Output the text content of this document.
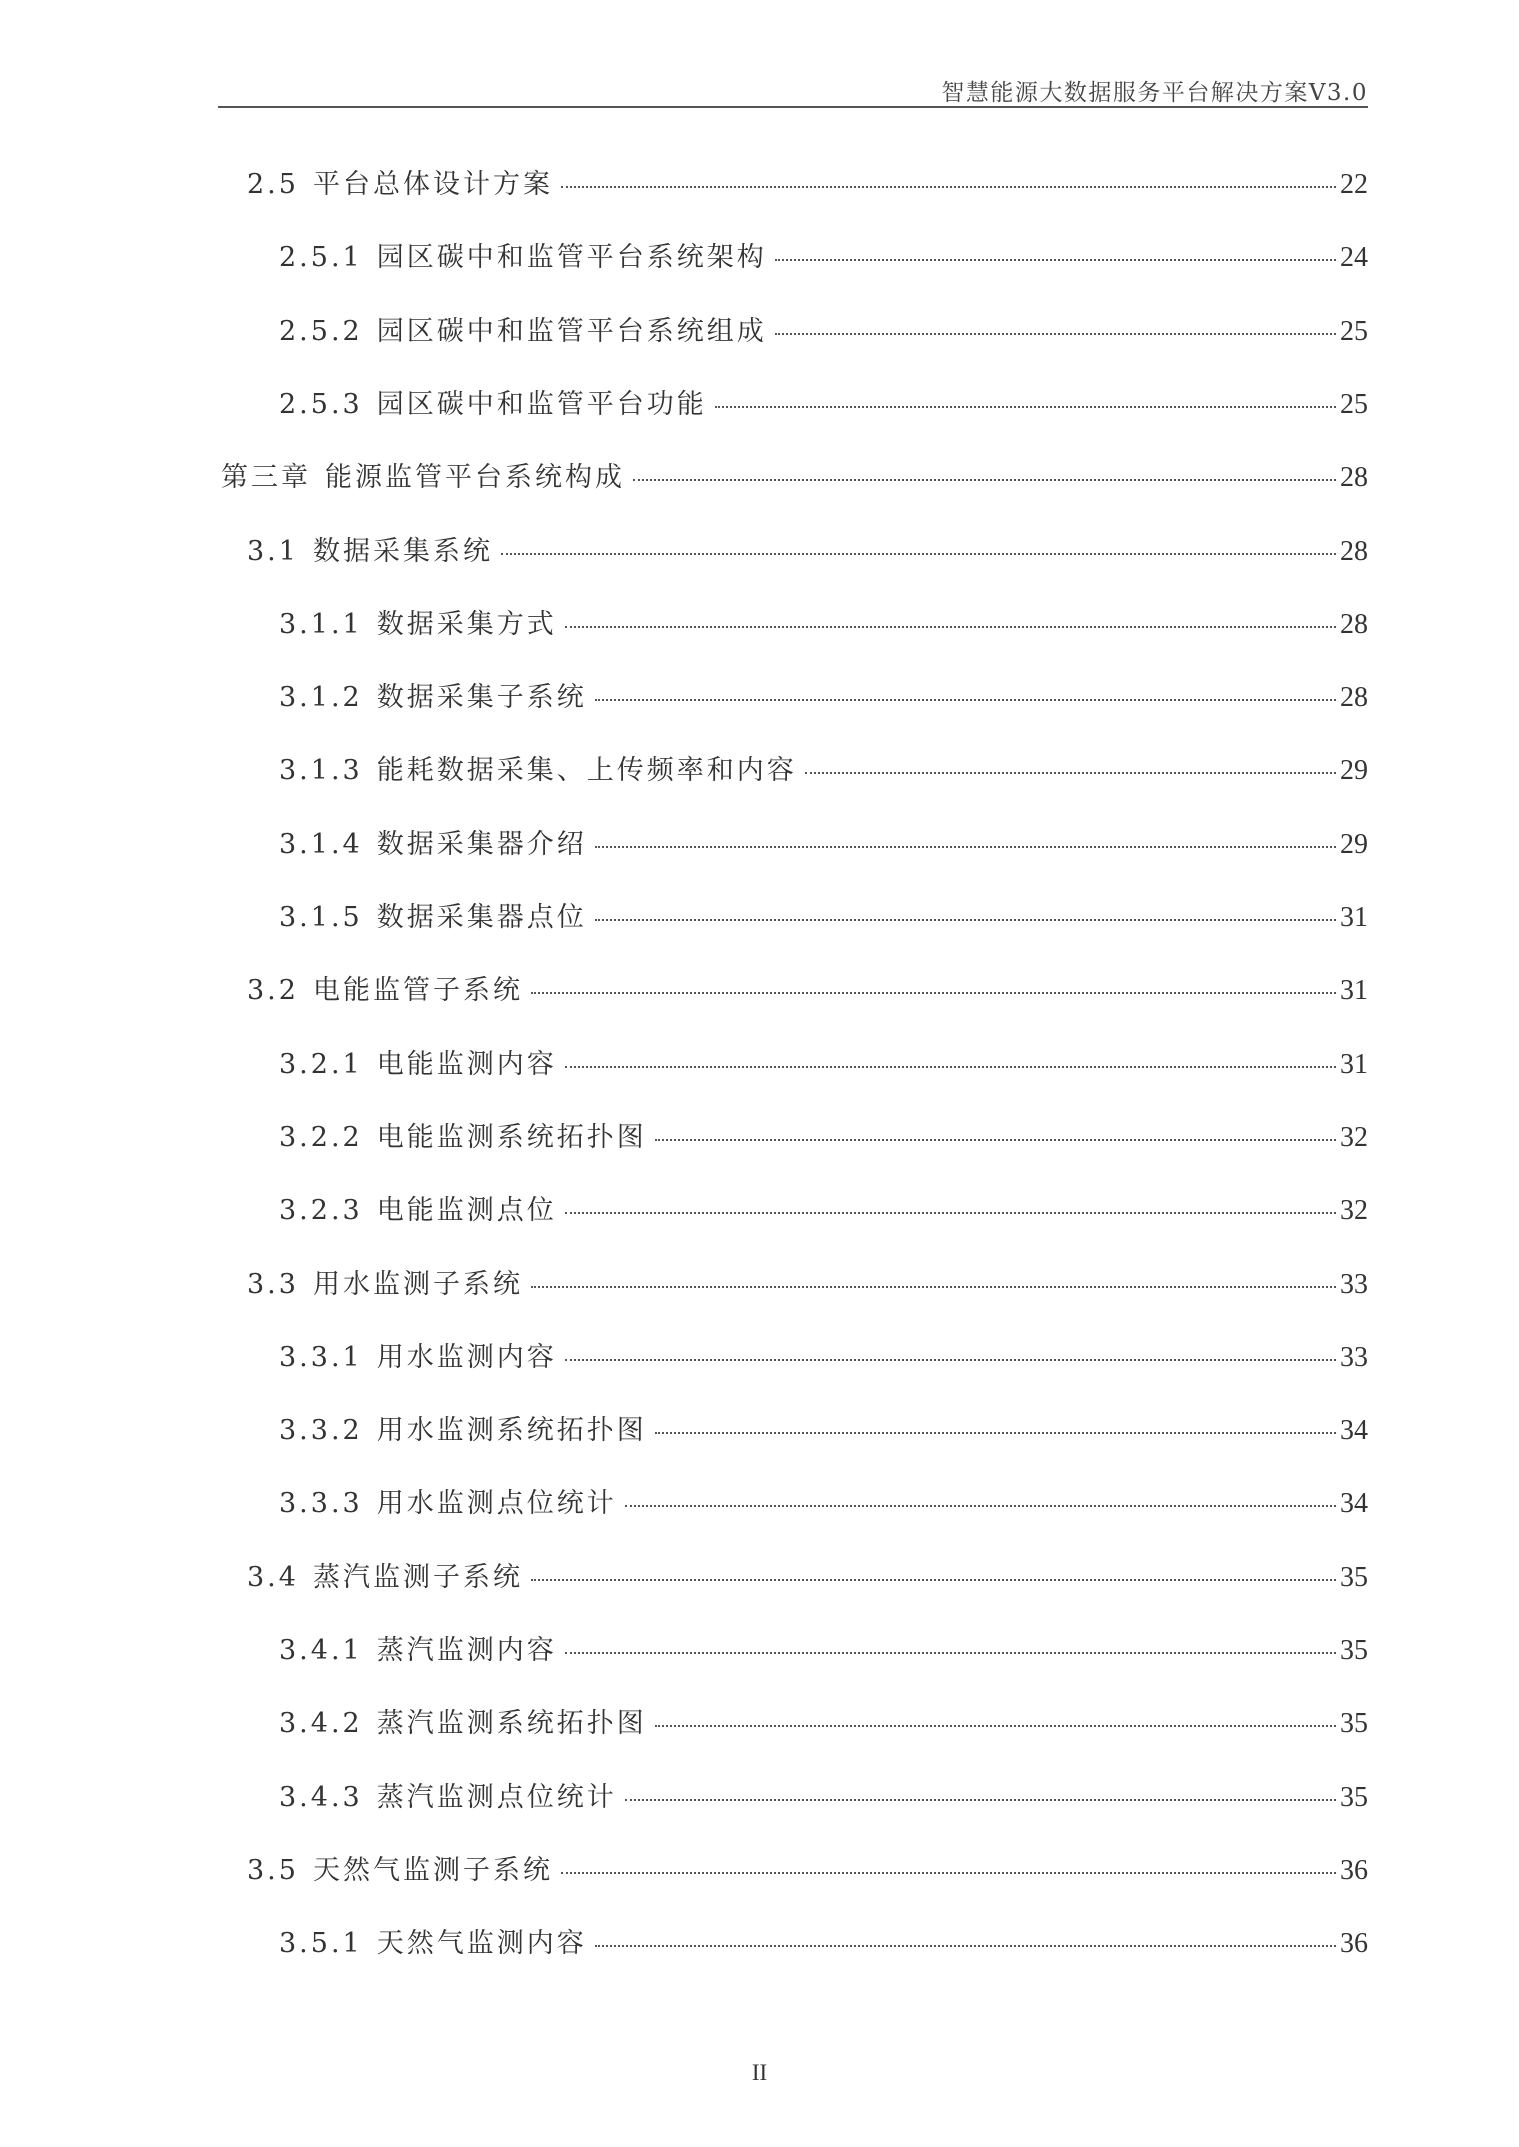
智慧能源大数据服务平台解决方案V3.0
2.5 平台总体设计方案	22
2.5.1 园区碳中和监管平台系统架构	24
2.5.2 园区碳中和监管平台系统组成	25
2.5.3 园区碳中和监管平台功能	25
第三章 能源监管平台系统构成	28
3.1 数据采集系统	28
3.1.1 数据采集方式	28
3.1.2 数据采集子系统	28
3.1.3 能耗数据采集、上传频率和内容	29
3.1.4 数据采集器介绍	29
3.1.5 数据采集器点位	31
3.2 电能监管子系统	31
3.2.1 电能监测内容	31
3.2.2 电能监测系统拓扑图	32
3.2.3 电能监测点位	32
3.3 用水监测子系统	33
3.3.1 用水监测内容	33
3.3.2 用水监测系统拓扑图	34
3.3.3 用水监测点位统计	34
3.4 蒸汽监测子系统	35
3.4.1 蒸汽监测内容	35
3.4.2 蒸汽监测系统拓扑图	35
3.4.3 蒸汽监测点位统计	35
3.5 天然气监测子系统	36
3.5.1 天然气监测内容	36
II
